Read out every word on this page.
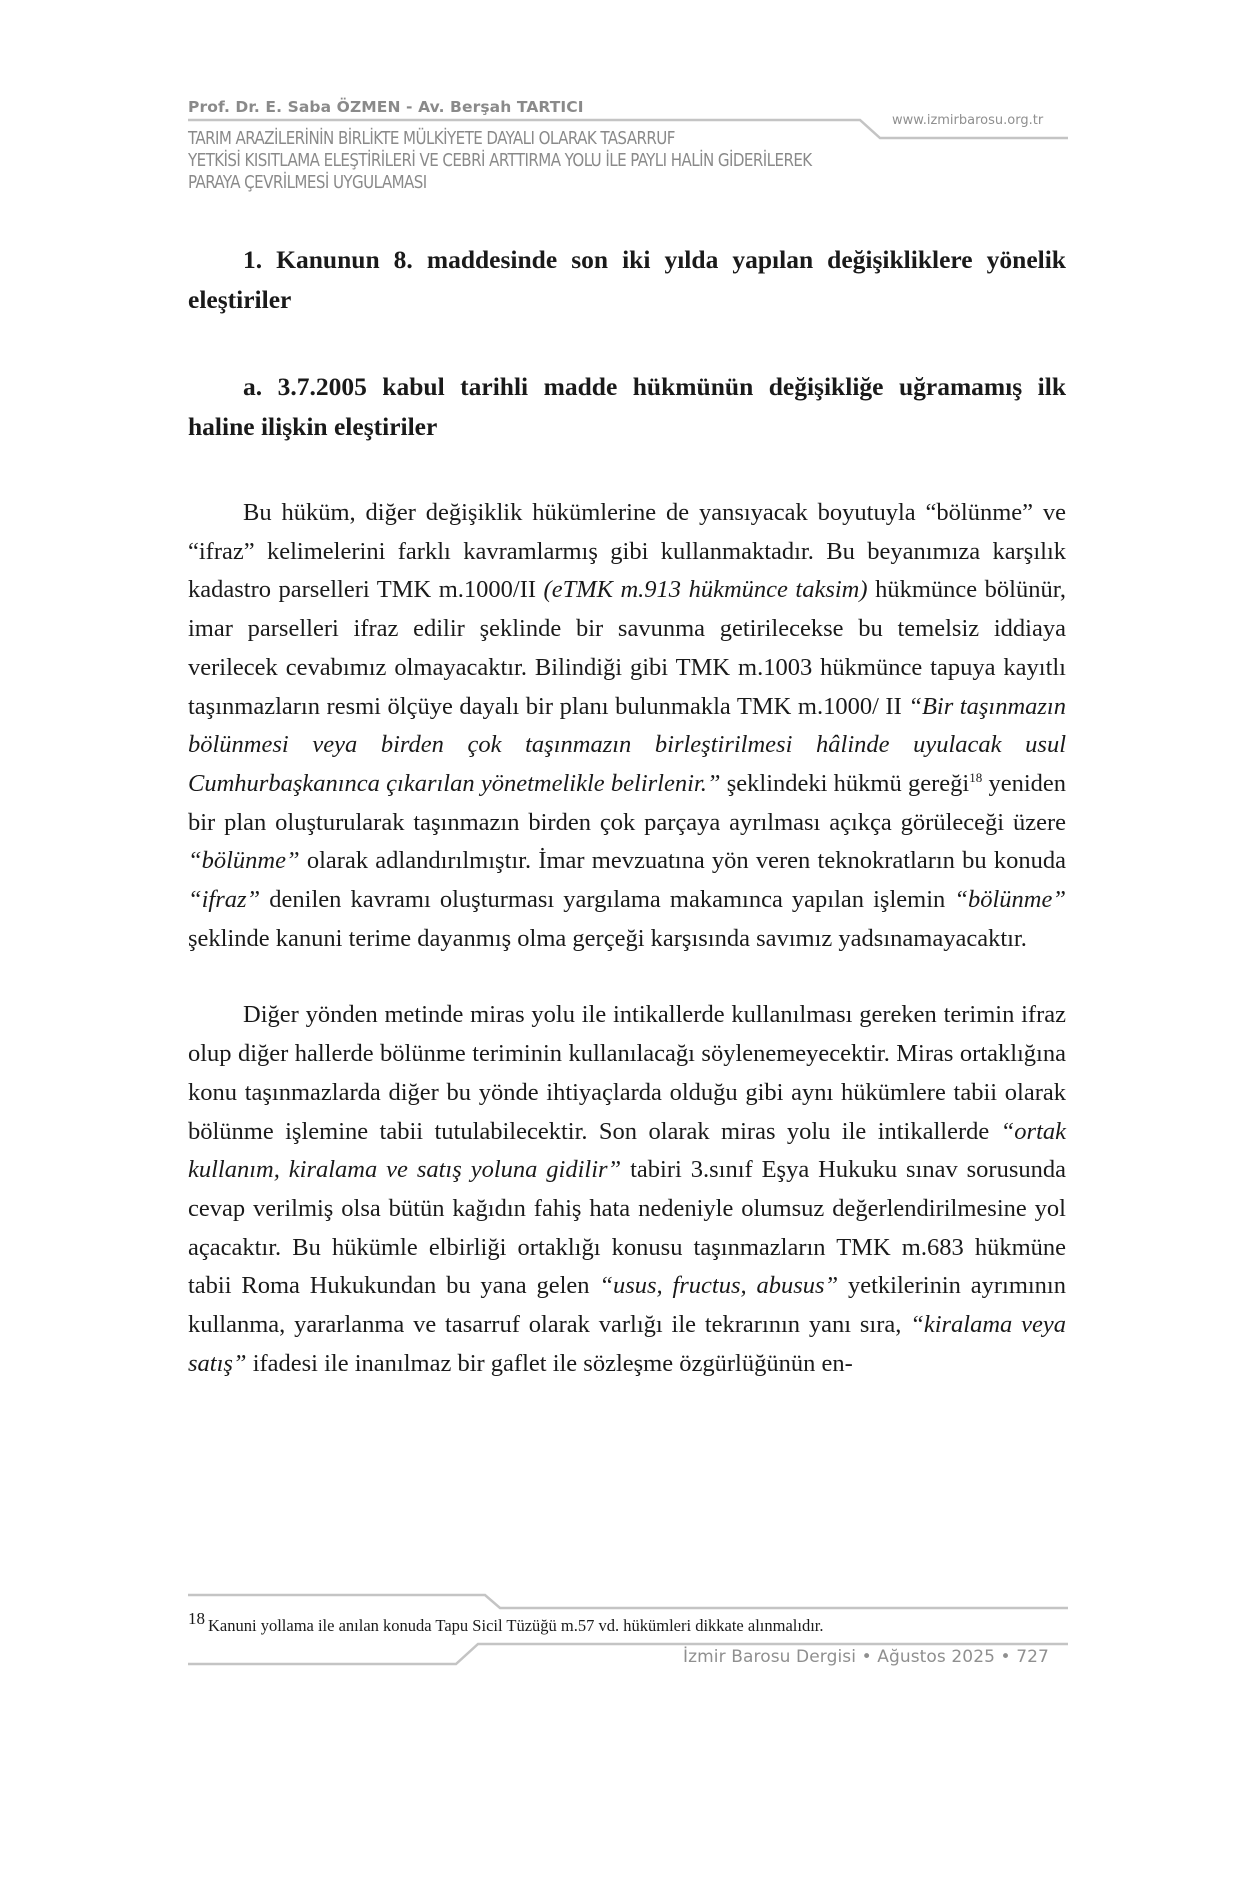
Prof. Dr. E. Saba ÖZMEN - Av. Berşah TARTICI
www.izmirbarosu.org.tr
TARIM ARAZİLERİNİN BİRLİKTE MÜLKİYETE DAYALI OLARAK TASARRUF
YETKİSİ KISITLAMA ELEŞTİRİLERİ VE CEBRİ ARTTIRMA YOLU İLE PAYLI HALİN GİDERİLEREK
PARAYA ÇEVRİLMESİ UYGULAMASI
1. Kanunun 8. maddesinde son iki yılda yapılan değişikliklere yönelik eleştiriler
a. 3.7.2005 kabul tarihli madde hükmünün değişikliğe uğramamış ilk haline ilişkin eleştiriler

Bu hüküm, diğer değişiklik hükümlerine de yansıyacak boyutuyla “bölünme” ve “ifraz” kelimelerini farklı kavramlarmış gibi kullanmaktadır. Bu beyanımıza karşılık kadastro parselleri TMK m.1000/II (eTMK m.913 hükmünce taksim) hükmünce bölünür, imar parselleri ifraz edilir şeklinde bir savunma getirilecekse bu temelsiz iddiaya verilecek cevabımız olmayacaktır. Bilindiği gibi TMK m.1003 hükmünce tapuya kayıtlı taşınmazların resmi ölçüye dayalı bir planı bulunmakla TMK m.1000/ II “Bir taşınmazın bölünmesi veya birden çok taşınmazın birleştirilmesi hâlinde uyulacak usul Cumhurbaşkanınca çıkarılan yönetmelikle belirlenir.” şeklindeki hükmü gereği$^{18}$ yeniden bir plan oluşturularak taşınmazın birden çok parçaya ayrılması açıkça görüleceği üzere “bölünme” olarak adlandırılmıştır. İmar mevzuatına yön veren teknokratların bu konuda “ifraz” denilen kavramı oluşturması yargılama makamınca yapılan işlemin “bölünme” şeklinde kanuni terime dayanmış olma gerçeği karşısında savımız yadsınamayacaktır.

Diğer yönden metinde miras yolu ile intikallerde kullanılması gereken terimin ifraz olup diğer hallerde bölünme teriminin kullanılacağı söylenemeyecektir. Miras ortaklığına konu taşınmazlarda diğer bu yönde ihtiyaçlarda olduğu gibi aynı hükümlere tabii olarak bölünme işlemine tabii tutulabilecektir. Son olarak miras yolu ile intikallerde “ortak kullanım, kiralama ve satış yoluna gidilir” tabiri 3.sınıf Eşya Hukuku sınav sorusunda cevap verilmiş olsa bütün kağıdın fahiş hata nedeniyle olumsuz değerlendirilmesine yol açacaktır. Bu hükümle elbirliği ortaklığı konusu taşınmazların TMK m.683 hükmüne tabii Roma Hukukundan bu yana gelen “usus, fructus, abusus” yetkilerinin ayrımının kullanma, yararlanma ve tasarruf olarak varlığı ile tekrarının yanı sıra, “kiralama veya satış” ifadesi ile inanılmaz bir gaflet ile sözleşme özgürlüğünün en-

18 Kanuni yollama ile anılan konuda Tapu Sicil Tüzüğü m.57 vd. hükümleri dikkate alınmalıdır.
İzmir Barosu Dergisi • Ağustos 2025 • 727
